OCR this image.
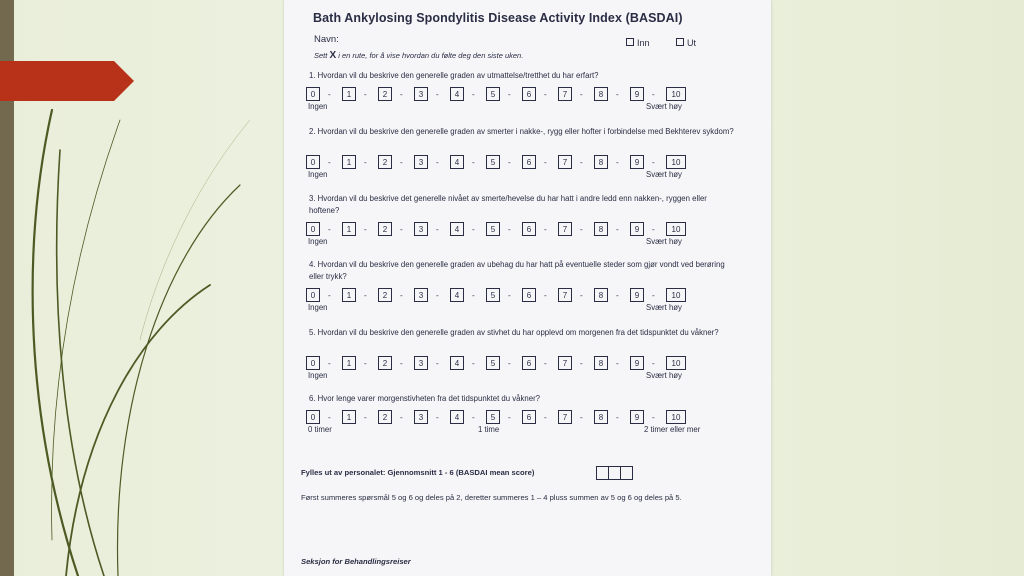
Bath Ankylosing Spondylitis Disease Activity Index (BASDAI)
Navn:	Inn	Ut
Sett X i en rute, for å vise hvordan du følte deg den siste uken.
1. Hvordan vil du beskrive den generelle graden av utmattelse/tretthet du har erfart?
0	-	1	-	2	-	3	-	4	-	5	-	6	-	7	-	8	-	9	-	10
Ingen	Svært høy
2. Hvordan vil du beskrive den generelle graden av smerter i nakke-, rygg eller hofter i forbindelse med Bekhterev sykdom?
0	-	1	-	2	-	3	-	4	-	5	-	6	-	7	-	8	-	9	-	10
Ingen	Svært høy
3. Hvordan vil du beskrive det generelle nivået av smerte/hevelse du har hatt i andre ledd enn nakken-, ryggen eller hoftene?
0	-	1	-	2	-	3	-	4	-	5	-	6	-	7	-	8	-	9	-	10
Ingen	Svært høy
4. Hvordan vil du beskrive den generelle graden av ubehag du har hatt på eventuelle steder som gjør vondt ved berøring eller trykk?
0	-	1	-	2	-	3	-	4	-	5	-	6	-	7	-	8	-	9	-	10
Ingen	Svært høy
5. Hvordan vil du beskrive den generelle graden av stivhet du har opplevd om morgenen fra det tidspunktet du våkner?
0	-	1	-	2	-	3	-	4	-	5	-	6	-	7	-	8	-	9	-	10
Ingen	Svært høy
6. Hvor lenge varer morgenstivheten fra det tidspunktet du våkner?
0	-	1	-	2	-	3	-	4	-	5	-	6	-	7	-	8	-	9	-	10
0 timer	2 timer eller mer
1 time
Fylles ut av personalet: Gjennomsnitt 1 - 6 (BASDAI mean score)
Først summeres spørsmål 5 og 6 og deles på 2, deretter summeres 1 – 4 pluss summen av 5 og 6 og deles på 5.
Seksjon for Behandlingsreiser
